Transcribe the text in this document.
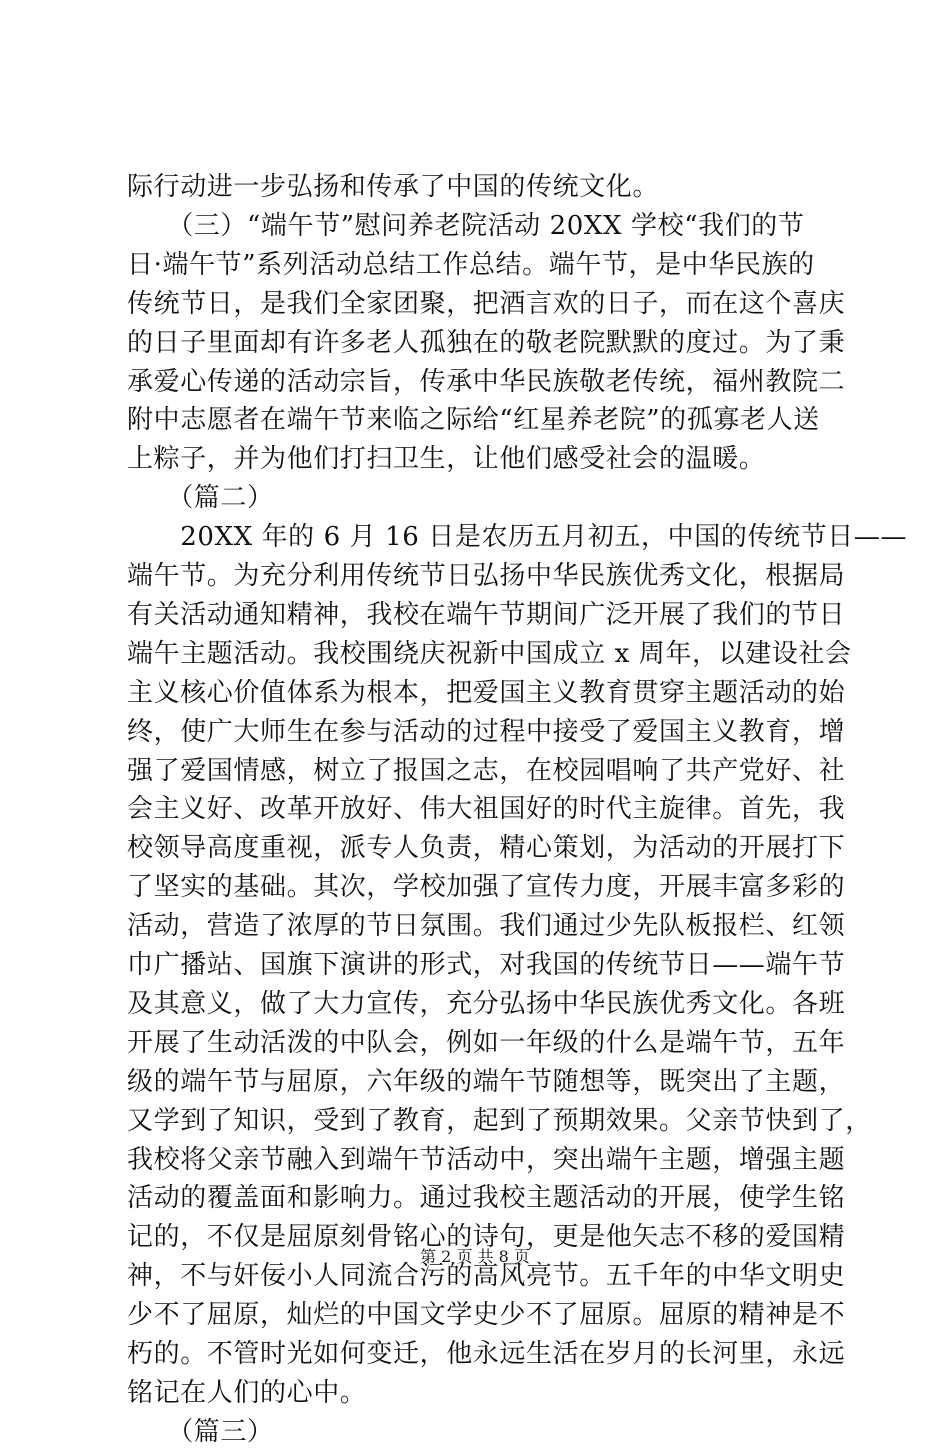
际行动进一步弘扬和传承了中国的传统文化。
　　（三）“端午节”慰问养老院活动 20XX 学校“我们的节
日·端午节”系列活动总结工作总结。端午节，是中华民族的
传统节日，是我们全家团聚，把酒言欢的日子，而在这个喜庆
的日子里面却有许多老人孤独在的敬老院默默的度过。为了秉
承爱心传递的活动宗旨，传承中华民族敬老传统，福州教院二
附中志愿者在端午节来临之际给“红星养老院”的孤寡老人送
上粽子，并为他们打扫卫生，让他们感受社会的温暖。
　　（篇二）
　　20XX 年的 6 月 16 日是农历五月初五，中国的传统节日——
端午节。为充分利用传统节日弘扬中华民族优秀文化，根据局
有关活动通知精神，我校在端午节期间广泛开展了我们的节日
端午主题活动。我校围绕庆祝新中国成立 x 周年，以建设社会
主义核心价值体系为根本，把爱国主义教育贯穿主题活动的始
终，使广大师生在参与活动的过程中接受了爱国主义教育，增
强了爱国情感，树立了报国之志，在校园唱响了共产党好、社
会主义好、改革开放好、伟大祖国好的时代主旋律。首先，我
校领导高度重视，派专人负责，精心策划，为活动的开展打下
了坚实的基础。其次，学校加强了宣传力度，开展丰富多彩的
活动，营造了浓厚的节日氛围。我们通过少先队板报栏、红领
巾广播站、国旗下演讲的形式，对我国的传统节日——端午节
及其意义，做了大力宣传，充分弘扬中华民族优秀文化。各班
开展了生动活泼的中队会，例如一年级的什么是端午节，五年
级的端午节与屈原，六年级的端午节随想等，既突出了主题，
又学到了知识，受到了教育，起到了预期效果。父亲节快到了，
我校将父亲节融入到端午节活动中，突出端午主题，增强主题
活动的覆盖面和影响力。通过我校主题活动的开展，使学生铭
记的，不仅是屈原刻骨铭心的诗句，更是他矢志不移的爱国精
神，不与奸佞小人同流合污的高风亮节。五千年的中华文明史
少不了屈原，灿烂的中国文学史少不了屈原。屈原的精神是不
朽的。不管时光如何变迁，他永远生活在岁月的长河里，永远
铭记在人们的心中。
　　（篇三）
第 2 页 共 8 页
